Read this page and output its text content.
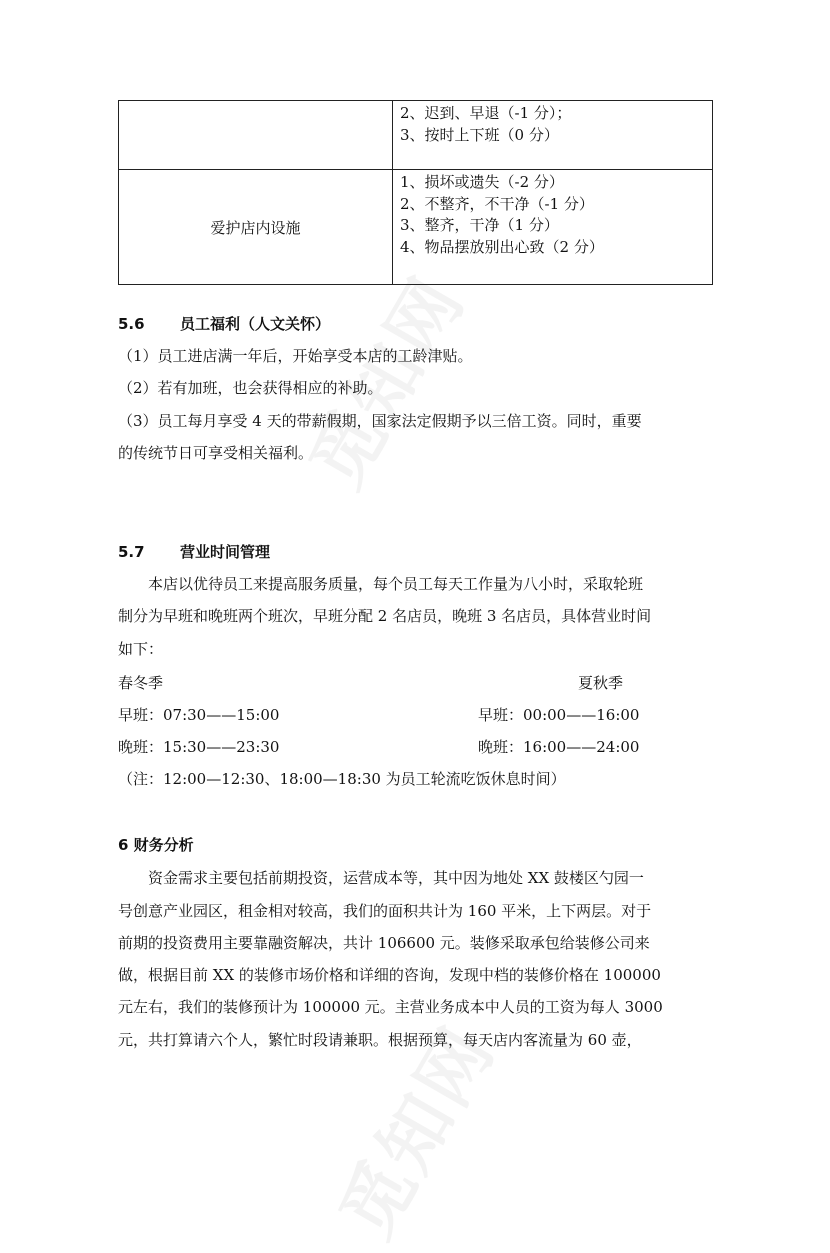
	2、迟到、早退（-1 分）；
3、按时上下班（0 分）

爱护店内设施	1、损坏或遗失（-2 分）
2、不整齐，不干净（-1 分）
3、整齐，干净（1 分）
4、物品摆放别出心致（2 分）
5.6 员工福利（人文关怀）
（1）员工进店满一年后，开始享受本店的工龄津贴。
（2）若有加班，也会获得相应的补助。
（3）员工每月享受 4 天的带薪假期，国家法定假期予以三倍工资。同时，重要
的传统节日可享受相关福利。
5.7 营业时间管理
本店以优待员工来提高服务质量，每个员工每天工作量为八小时，采取轮班
制分为早班和晚班两个班次，早班分配 2 名店员，晚班 3 名店员，具体营业时间
如下：
春冬季	夏秋季
早班：07:30——15:00	早班：00:00——16:00
晚班：15:30——23:30	晚班：16:00——24:00
（注：12:00—12:30、18:00—18:30 为员工轮流吃饭休息时间）
6 财务分析
资金需求主要包括前期投资，运营成本等，其中因为地处 XX 鼓楼区勺园一
号创意产业园区，租金相对较高，我们的面积共计为 160 平米，上下两层。对于
前期的投资费用主要靠融资解决，共计 106600 元。装修采取承包给装修公司来
做，根据目前 XX 的装修市场价格和详细的咨询，发现中档的装修价格在 100000
元左右，我们的装修预计为 100000 元。主营业务成本中人员的工资为每人 3000
元，共打算请六个人，繁忙时段请兼职。根据预算，每天店内客流量为 60 壶，
